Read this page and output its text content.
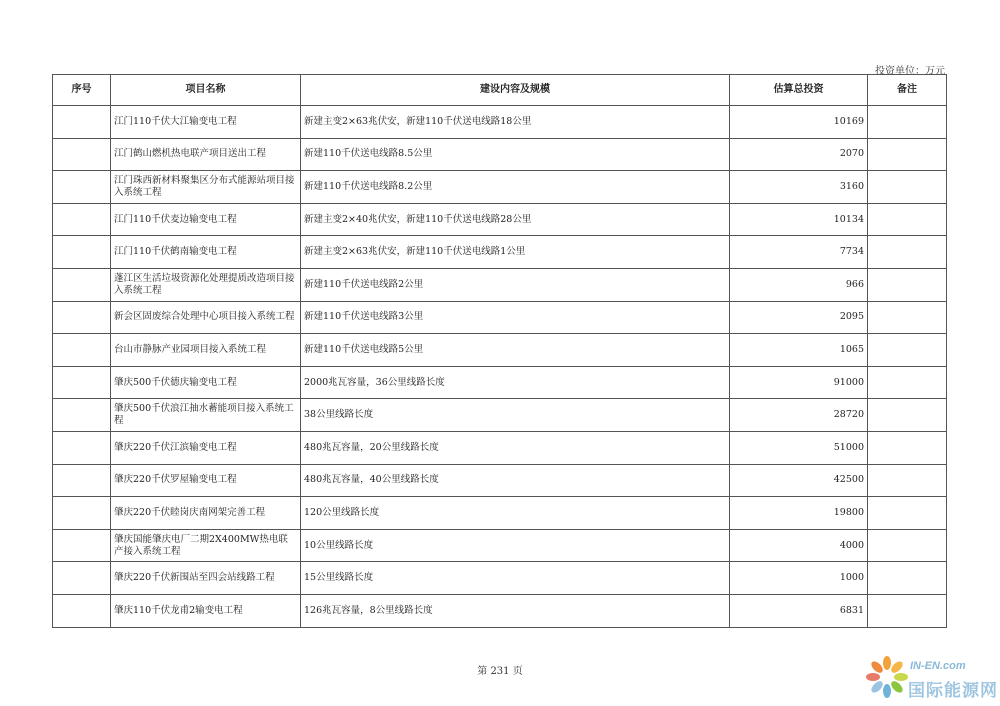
投资单位：万元
序号	项目名称	建设内容及规模	估算总投资	备注
	江门110千伏大江输变电工程	新建主变2×63兆伏安，新建110千伏送电线路18公里	10169	
	江门鹤山燃机热电联产项目送出工程	新建110千伏送电线路8.5公里	2070	
	江门珠西新材料聚集区分布式能源站项目接入系统工程	新建110千伏送电线路8.2公里	3160	
	江门110千伏麦边输变电工程	新建主变2×40兆伏安，新建110千伏送电线路28公里	10134	
	江门110千伏鹤南输变电工程	新建主变2×63兆伏安，新建110千伏送电线路1公里	7734	
	蓬江区生活垃圾资源化处理提质改造项目接入系统工程	新建110千伏送电线路2公里	966	
	新会区固废综合处理中心项目接入系统工程	新建110千伏送电线路3公里	2095	
	台山市静脉产业园项目接入系统工程	新建110千伏送电线路5公里	1065	
	肇庆500千伏德庆输变电工程	2000兆瓦容量，36公里线路长度	91000	
	肇庆500千伏浪江抽水蓄能项目接入系统工程	38公里线路长度	28720	
	肇庆220千伏江滨输变电工程	480兆瓦容量，20公里线路长度	51000	
	肇庆220千伏罗屋输变电工程	480兆瓦容量，40公里线路长度	42500	
	肇庆220千伏睦岗庆南网架完善工程	120公里线路长度	19800	
	肇庆国能肇庆电厂二期2X400MW热电联产接入系统工程	10公里线路长度	4000	
	肇庆220千伏新围站至四会站线路工程	15公里线路长度	1000	
	肇庆110千伏龙甫2输变电工程	126兆瓦容量，8公里线路长度	6831	
第 231 页	IN-EN.com
国际能源网
